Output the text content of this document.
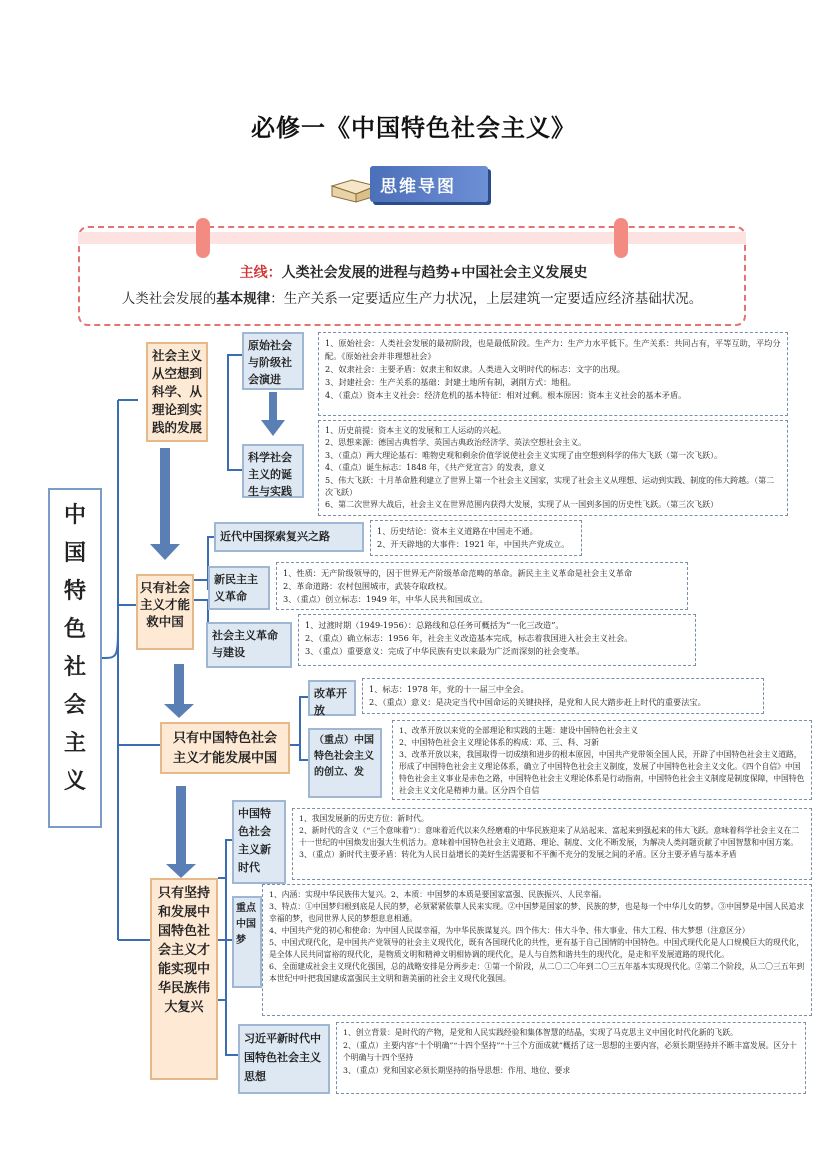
必修一《中国特色社会主义》
思维导图
主线：人类社会发展的进程与趋势+中国社会主义发展史
人类社会发展的基本规律：生产关系一定要适应生产力状况，上层建筑一定要适应经济基础状况。
中
国
特
色
社
会
主
义
社会主义从空想到科学、从理论到实践的发展
只有社会主义才能救中国
只有中国特色社会主义才能发展中国
只有坚持和发展中国特色社会主义才能实现中华民族伟大复兴
原始社会与阶级社会演进
科学社会主义的诞生与实践
近代中国探索复兴之路
新民主主义革命
社会主义革命与建设
改革开放
（重点）中国特色社会主义的创立、发
中国特色社会主义新时代
重点中国梦
习近平新时代中国特色社会主义思想

1、原始社会：人类社会发展的最初阶段，也是最低阶段。生产力：生产力水平低下。生产关系：共同占有，平等互助，平均分配。《原始社会并非理想社会》

2、奴隶社会：主要矛盾：奴隶主和奴隶。人类进入文明时代的标志：文字的出现。

3、封建社会：生产关系的基础：封建土地所有制，剥削方式：地租。

4、（重点）资本主义社会：经济危机的基本特征：相对过剩。根本原因：资本主义社会的基本矛盾。

1、历史前提：资本主义的发展和工人运动的兴起。

2、思想来源：德国古典哲学、英国古典政治经济学、英法空想社会主义。

3、（重点）两大理论基石：唯物史观和剩余价值学说使社会主义实现了由空想到科学的伟大飞跃（第一次飞跃）。

4、（重点）诞生标志：1848 年，《共产党宣言》的发表，意义

5、伟大飞跃：十月革命胜利建立了世界上第一个社会主义国家，实现了社会主义从理想、运动到实践、制度的伟大跨越。（第二次飞跃）

6、第二次世界大战后，社会主义在世界范围内获得大发展，实现了从一国到多国的历史性飞跃。（第三次飞跃）

1、历史结论：资本主义道路在中国走不通。

2、开天辟地的大事件：1921 年，中国共产党成立。

1、性质：无产阶级领导的，因于世界无产阶级革命范畴的革命。新民主主义革命是社会主义革命

2、革命道路：农村包围城市，武装夺取政权。

3、（重点）创立标志：1949 年，中华人民共和国成立。

1、过渡时期（1949-1956）：总路线和总任务可概括为“一化三改造”。

2、（重点）确立标志：1956 年，社会主义改造基本完成，标志着我国进入社会主义社会。

3、（重点）重要意义：完成了中华民族有史以来最为广泛而深刻的社会变革。

1、标志：1978 年，党的十一届三中全会。

2、（重点）意义：是决定当代中国命运的关键抉择，是党和人民大踏步赶上时代的重要法宝。

1、改革开放以来党的全部理论和实践的主题：建设中国特色社会主义

2、中国特色社会主义理论体系的构成：邓、三、科、习新

3、改革开放以来，我国取得一切成绩和进步的根本原因，中国共产党带领全国人民，开辟了中国特色社会主义道路，形成了中国特色社会主义理论体系，确立了中国特色社会主义制度，发展了中国特色社会主义文化。《四个自信》中国特色社会主义事业是赤色之路，中国特色社会主义理论体系是行动指南，中国特色社会主义制度是制度保障，中国特色社会主义文化是精神力量。区分四个自信

1、我国发展新的历史方位：新时代。

2、新时代的含义（“三个意味着”）：意味着近代以来久经磨难的中华民族迎来了从站起来、富起来到强起来的伟大飞跃。意味着科学社会主义在二十一世纪的中国焕发出强大生机活力。意味着中国特色社会主义道路、理论、制度、文化不断发展，为解决人类问题贡献了中国智慧和中国方案。

3、（重点）新时代主要矛盾：转化为人民日益增长的美好生活需要和不平衡不充分的发展之间的矛盾。区分主要矛盾与基本矛盾

1、内涵：实现中华民族伟大复兴。2、本质：中国梦的本质是要国家富强、民族振兴、人民幸福。

3、特点：①中国梦归根到底是人民的梦，必须紧紧依靠人民来实现。②中国梦是国家的梦、民族的梦，也是每一个中华儿女的梦。③中国梦是中国人民追求幸福的梦，也同世界人民的梦想息息相通。

4、中国共产党的初心和使命：为中国人民谋幸福，为中华民族谋复兴。四个伟大：伟大斗争、伟大事业、伟大工程、伟大梦想（注意区分）

5、中国式现代化，是中国共产党领导的社会主义现代化，既有各国现代化的共性，更有基于自己国情的中国特色。中国式现代化是人口规模巨大的现代化，是全体人民共同富裕的现代化，是物质文明和精神文明相协调的现代化，是人与自然和谐共生的现代化，是走和平发展道路的现代化。

6、全面建成社会主义现代化强国，总的战略安排是分两步走：①第一个阶段，从二〇二〇年到二〇三五年基本实现现代化。②第二个阶段，从二〇三五年到本世纪中叶把我国建成富强民主文明和谐美丽的社会主义现代化强国。

1、创立背景：是时代的产物，是党和人民实践经验和集体智慧的结晶，实现了马克思主义中国化时代化新的飞跃。

2、（重点）主要内容“十个明确”“十四个坚持”“十三个方面成就”概括了这一思想的主要内容，必须长期坚持并不断丰富发展。区分十个明确与十四个坚持

3、（重点）党和国家必须长期坚持的指导思想：作用、地位、要求
